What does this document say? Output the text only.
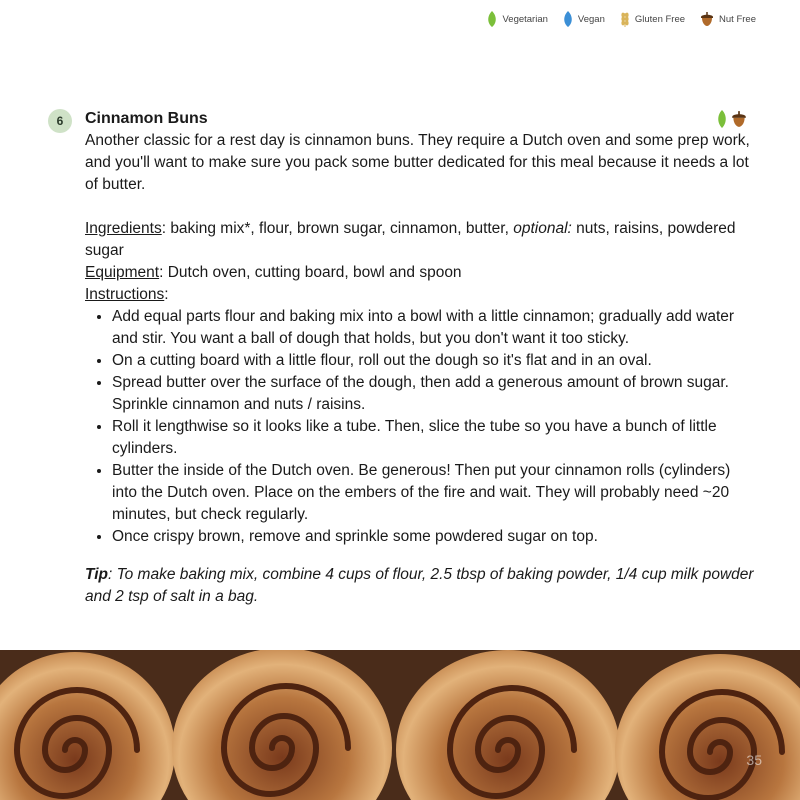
Vegetarian	Vegan	Gluten Free	Nut Free
6	Cinnamon Buns

Another classic for a rest day is cinnamon buns. They require a Dutch oven and some prep work, and you'll want to make sure you pack some butter dedicated for this meal because it needs a lot of butter.

Ingredients: baking mix*, flour, brown sugar, cinnamon, butter, optional: nuts, raisins, powdered sugar

Equipment: Dutch oven, cutting board, bowl and spoon

Instructions:

• Add equal parts flour and baking mix into a bowl with a little cinnamon; gradually add water and stir. You want a ball of dough that holds, but you don't want it too sticky.
• On a cutting board with a little flour, roll out the dough so it's flat and in an oval.
• Spread butter over the surface of the dough, then add a generous amount of brown sugar. Sprinkle cinnamon and nuts / raisins.
• Roll it lengthwise so it looks like a tube. Then, slice the tube so you have a bunch of little cylinders.
• Butter the inside of the Dutch oven. Be generous! Then put your cinnamon rolls (cylinders) into the Dutch oven. Place on the embers of the fire and wait. They will probably need ~20 minutes, but check regularly.
• Once crispy brown, remove and sprinkle some powdered sugar on top.

Tip: To make baking mix, combine 4 cups of flour, 2.5 tbsp of baking powder, 1/4 cup milk powder and 2 tsp of salt in a bag.

35
